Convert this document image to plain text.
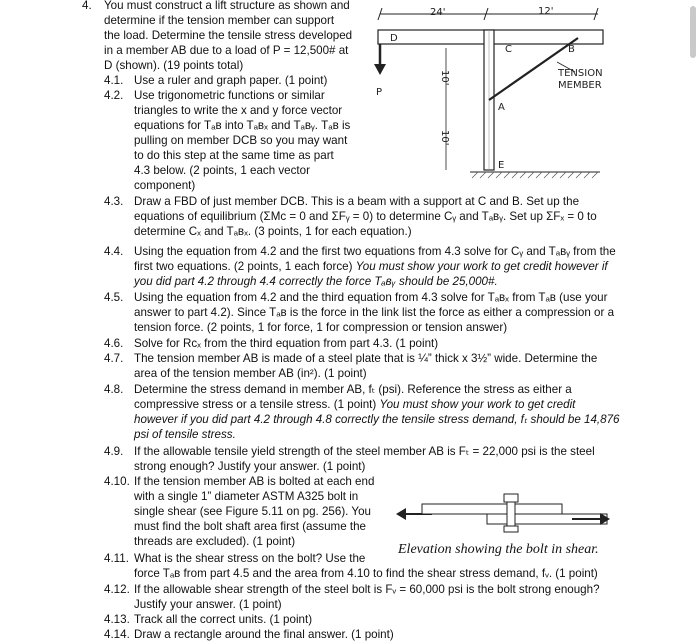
4. You must construct a lift structure as shown and
determine if the tension member can support
the load. Determine the tensile stress developed
in a member AB due to a load of P = 12,500# at
D (shown). (19 points total)
4.1. Use a ruler and graph paper. (1 point)
4.2. Use trigonometric functions or similar
triangles to write the x and y force vector
equations for Tₐʙ into Tₐʙₓ and Tₐʙᵧ. Tₐʙ is
pulling on member DCB so you may want
to do this step at the same time as part
4.3 below. (2 points, 1 each vector
component)
4.3. Draw a FBD of just member DCB. This is a beam with a support at C and B. Set up the
equations of equilibrium (ΣMᴄ = 0 and ΣFᵧ = 0) to determine Cᵧ and Tₐʙᵧ. Set up ΣFₓ = 0 to
determine Cₓ and Tₐʙₓ. (3 points, 1 for each equation.)
4.4. Using the equation from 4.2 and the first two equations from 4.3 solve for Cᵧ and Tₐʙᵧ from the
first two equations. (2 points, 1 each force) You must show your work to get credit however if
you did part 4.2 through 4.4 correctly the force Tₐʙᵧ should be 25,000#.
4.5. Using the equation from 4.2 and the third equation from 4.3 solve for Tₐʙₓ from Tₐʙ (use your
answer to part 4.2). Since Tₐʙ is the force in the link list the force as either a compression or a
tension force. (2 points, 1 for force, 1 for compression or tension answer)
4.6. Solve for Rᴄₓ from the third equation from part 4.3. (1 point)
4.7. The tension member AB is made of a steel plate that is ¼” thick x 3½” wide. Determine the
area of the tension member AB (in²). (1 point)
4.8. Determine the stress demand in member AB, fₜ (psi). Reference the stress as either a
compressive stress or a tensile stress. (1 point) You must show your work to get credit
however if you did part 4.2 through 4.8 correctly the tensile stress demand, fₜ should be 14,876
psi of tensile stress.
4.9. If the allowable tensile yield strength of the steel member AB is Fₜ = 22,000 psi is the steel
strong enough? Justify your answer. (1 point)
4.10. If the tension member AB is bolted at each end
with a single 1” diameter ASTM A325 bolt in
single shear (see Figure 5.11 on pg. 256). You
must find the bolt shaft area first (assume the
threads are excluded). (1 point)
4.11. What is the shear stress on the bolt? Use the
force Tₐʙ from part 4.5 and the area from 4.10 to find the shear stress demand, fᵥ. (1 point)
4.12. If the allowable shear strength of the steel bolt is Fᵥ = 60,000 psi is the bolt strong enough?
Justify your answer. (1 point)
4.13. Track all the correct units. (1 point)
4.14. Draw a rectangle around the final answer. (1 point)
24'	12'
D
C	B
A
E
TENSION
MEMBER
P
10'
10'
Elevation showing the bolt in shear.
